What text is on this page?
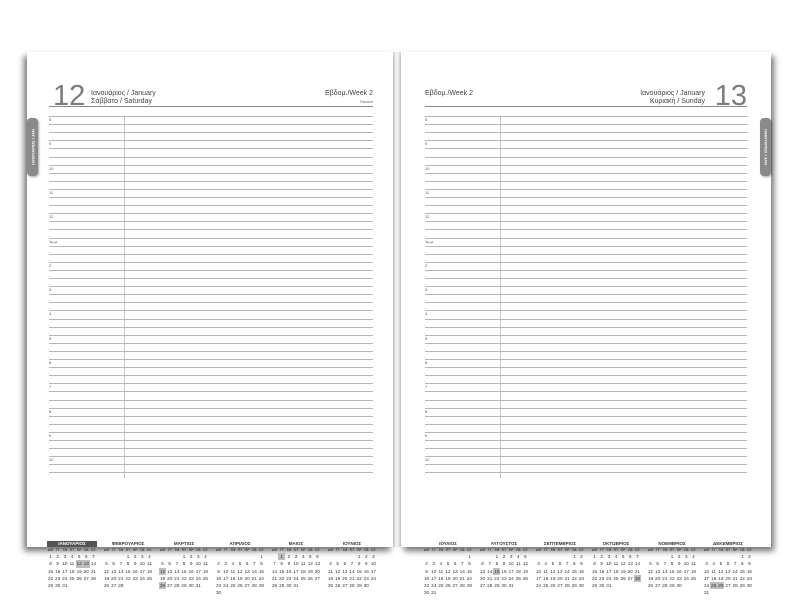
12 Ιανουάριος / January
Σάββατο / Saturday
Εβδομ./Week 2
Τατιάνα
8
9
10
11
12
1μ.μ.
2
3
4
5
6
7
8
9
10
ΙΑΝΟΥΑΡΙΟΣ
ΔΜ ΤΤ ΤΜ ΠΤ ΠΡ ΣΒ ΚΣ
1 2 3 4 5 6 7
8 9 10 11 12 13 14
15 16 17 18 19 20 21
22 23 24 25 26 27 28
29 30 31
ΦΕΒΡΟΥΑΡΙΟΣ
ΔΜ ΤΤ ΤΜ ΠΤ ΠΡ ΣΒ ΚΣ
1 2 3 4
5 6 7 8 9 10 11
12 13 14 15 16 17 18
19 20 21 22 23 24 25
26 27 28
ΜΑΡΤΙΟΣ
ΔΜ ΤΤ ΤΜ ΠΤ ΠΡ ΣΒ ΚΣ
1 2 3 4
5 6 7 8 9 10 11
12 13 14 15 16 17 18
19 20 21 22 23 24 25
26 27 28 29 30 31
ΑΠΡΙΛΙΟΣ
ΔΜ ΤΤ ΤΜ ΠΤ ΠΡ ΣΒ ΚΣ
1
2 3 4 5 6 7 8
9 10 11 12 13 14 15
16 17 18 19 20 21 22
23 24 25 26 27 28 29
30
ΜΑΙΟΣ
ΔΜ ΤΤ ΤΜ ΠΤ ΠΡ ΣΒ ΚΣ
1 2 3 4 5 6
7 8 9 10 11 12 13
14 15 16 17 18 19 20
21 22 23 24 25 26 27
28 29 30 31
ΙΟΥΝΙΟΣ
ΔΜ ΤΤ ΤΜ ΠΤ ΠΡ ΣΒ ΚΣ
1 2 3
4 5 6 7 8 9 10
11 12 13 14 15 16 17
18 19 20 21 22 23 24
25 26 27 28 29 30
ΙΑΝΟΥΑΡΙΟΣ / JAN
Εβδομ./Week 2	Ιανουάριος / January
Κυριακή / Sunday 13
8
9
10
11
12
1μ.μ.
2
3
4
5
6
7
8
9
10
ΙΟΥΛΙΟΣ
ΔΜ ΤΤ ΤΜ ΠΤ ΠΡ ΣΒ ΚΣ
1
2 3 4 5 6 7 8
9 10 11 12 13 14 15
16 17 18 19 20 21 22
23 24 25 26 27 28 29
30 31
ΑΥΓΟΥΣΤΟΣ
ΔΜ ΤΤ ΤΜ ΠΤ ΠΡ ΣΒ ΚΣ
1 2 3 4 5
6 7 8 9 10 11 12
13 14 15 16 17 18 19
20 21 22 23 24 25 26
27 28 29 30 31
ΣΕΠΤΕΜΒΡΙΟΣ
ΔΜ ΤΤ ΤΜ ΠΤ ΠΡ ΣΒ ΚΣ
1 2
3 4 5 6 7 8 9
10 11 12 13 14 15 16
17 18 19 20 21 22 23
24 25 26 27 28 29 30
ΟΚΤΩΒΡΙΟΣ
ΔΜ ΤΤ ΤΜ ΠΤ ΠΡ ΣΒ ΚΣ
1 2 3 4 5 6 7
8 9 10 11 12 13 14
15 16 17 18 19 20 21
22 23 24 25 26 27 28
29 30 31
ΝΟΕΜΒΡΙΟΣ
ΔΜ ΤΤ ΤΜ ΠΤ ΠΡ ΣΒ ΚΣ
1 2 3 4
5 6 7 8 9 10 11
12 13 14 15 16 17 18
19 20 21 22 23 24 25
26 27 28 29 30
ΔΕΚΕΜΒΡΙΟΣ
ΔΜ ΤΤ ΤΜ ΠΤ ΠΡ ΣΒ ΚΣ
1 2
3 4 5 6 7 8 9
10 11 12 13 14 15 16
17 18 19 20 21 22 23
24 25 26 27 28 29 30
31
ΙΑΝΟΥΑΡΙΟΣ / JAN
